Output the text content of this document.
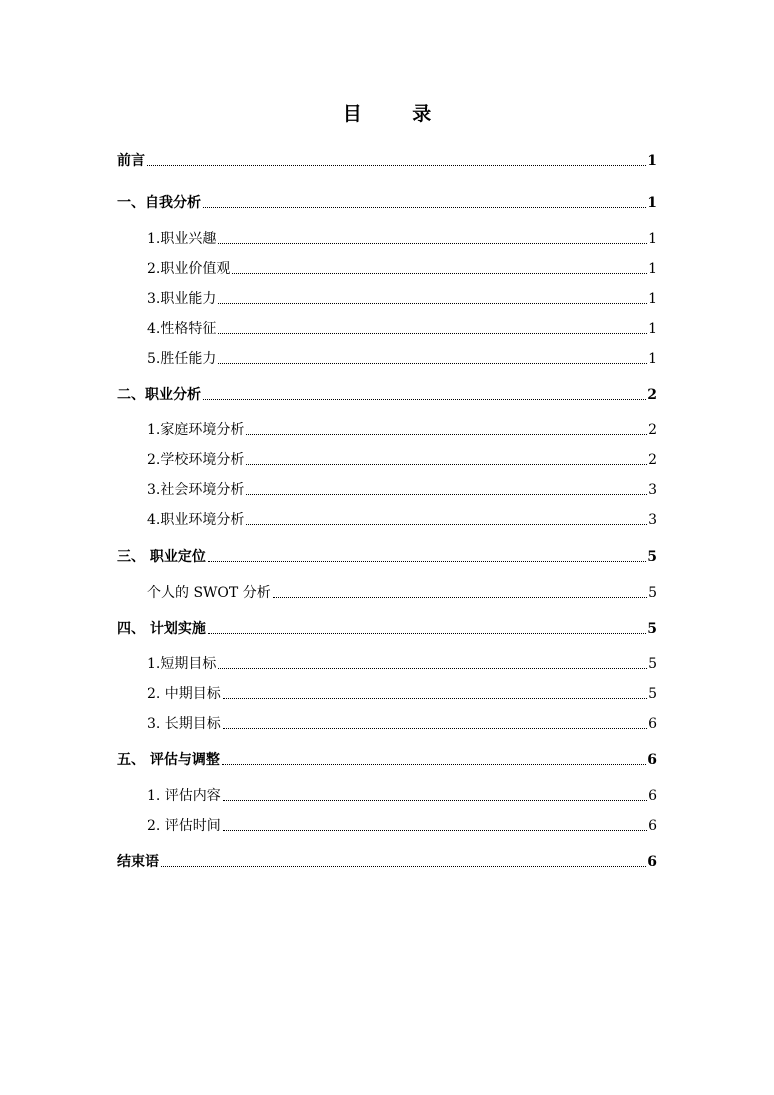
目 录
前言	1
一、自我分析	1
1.职业兴趣	1
2.职业价值观	1
3.职业能力	1
4.性格特征	1
5.胜任能力	1
二、职业分析	2
1.家庭环境分析	2
2.学校环境分析	2
3.社会环境分析	3
4.职业环境分析	3
三、 职业定位	5
个人的 SWOT 分析	5
四、 计划实施	5
1.短期目标	5
2. 中期目标	5
3. 长期目标	6
五、 评估与调整	6
1. 评估内容	6
2. 评估时间	6
结束语	6
